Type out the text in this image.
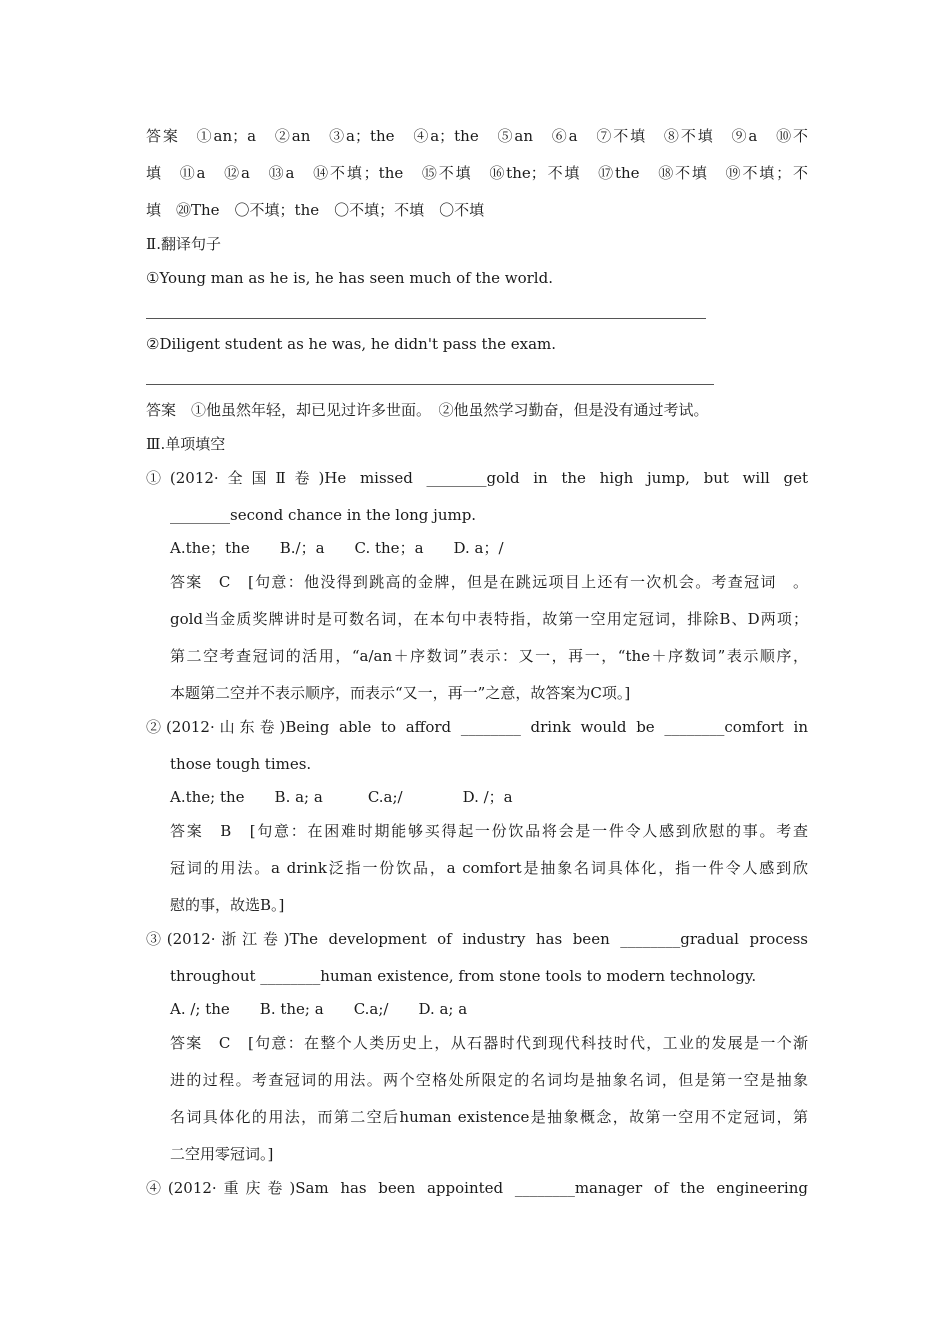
答案　①an；a　②an　③a；the　④a；the　⑤an　⑥a　⑦不填　⑧不填　⑨a　⑩不
填　⑪a　⑫a　⑬a　⑭不填；the　⑮不填　⑯the；不填　⑰the　⑱不填　⑲不填；不
填　⑳The　〇不填；the　〇不填；不填　〇不填
Ⅱ.翻译句子
①Young man as he is, he has seen much of the world.
②Diligent student as he was, he didn't pass the exam.
答案　①他虽然年轻，却已见过许多世面。　②他虽然学习勤奋，但是没有通过考试。
Ⅲ.单项填空
①(2012·全国Ⅱ卷)He missed ________gold in the high jump, but will get
________second chance in the long jump.
A.the；the　　B./；a　　C. the；a　　D. a；/
答案　C　[句意：他没得到跳高的金牌，但是在跳远项目上还有一次机会。考查冠词　。
gold当金质奖牌讲时是可数名词，在本句中表特指，故第一空用定冠词，排除B、D两项；
第二空考查冠词的活用，“a/an＋序数词”表示：又一，再一，“the＋序数词”表示顺序，
本题第二空并不表示顺序，而表示“又一，再一”之意，故答案为C项。]
②(2012·山东卷)Being able to afford ________ drink would be ________comfort in
those tough times.
A.the; the　　B. a; a　　　C.a;/　　　　D. /；a
答案　B　[句意：在困难时期能够买得起一份饮品将会是一件令人感到欣慰的事。考查
冠词的用法。a drink泛指一份饮品，a comfort是抽象名词具体化，指一件令人感到欣
慰的事，故选B。]
③(2012·浙江卷)The development of industry has been ________gradual process
throughout ________human existence, from stone tools to modern technology.
A. /; the　　B. the; a　　C.a;/　　D. a; a
答案　C　[句意：在整个人类历史上，从石器时代到现代科技时代，工业的发展是一个渐
进的过程。考查冠词的用法。两个空格处所限定的名词均是抽象名词，但是第一空是抽象
名词具体化的用法，而第二空后human existence是抽象概念，故第一空用不定冠词，第
二空用零冠词。]
④(2012·重庆卷)Sam has been appointed ________manager of the engineering
